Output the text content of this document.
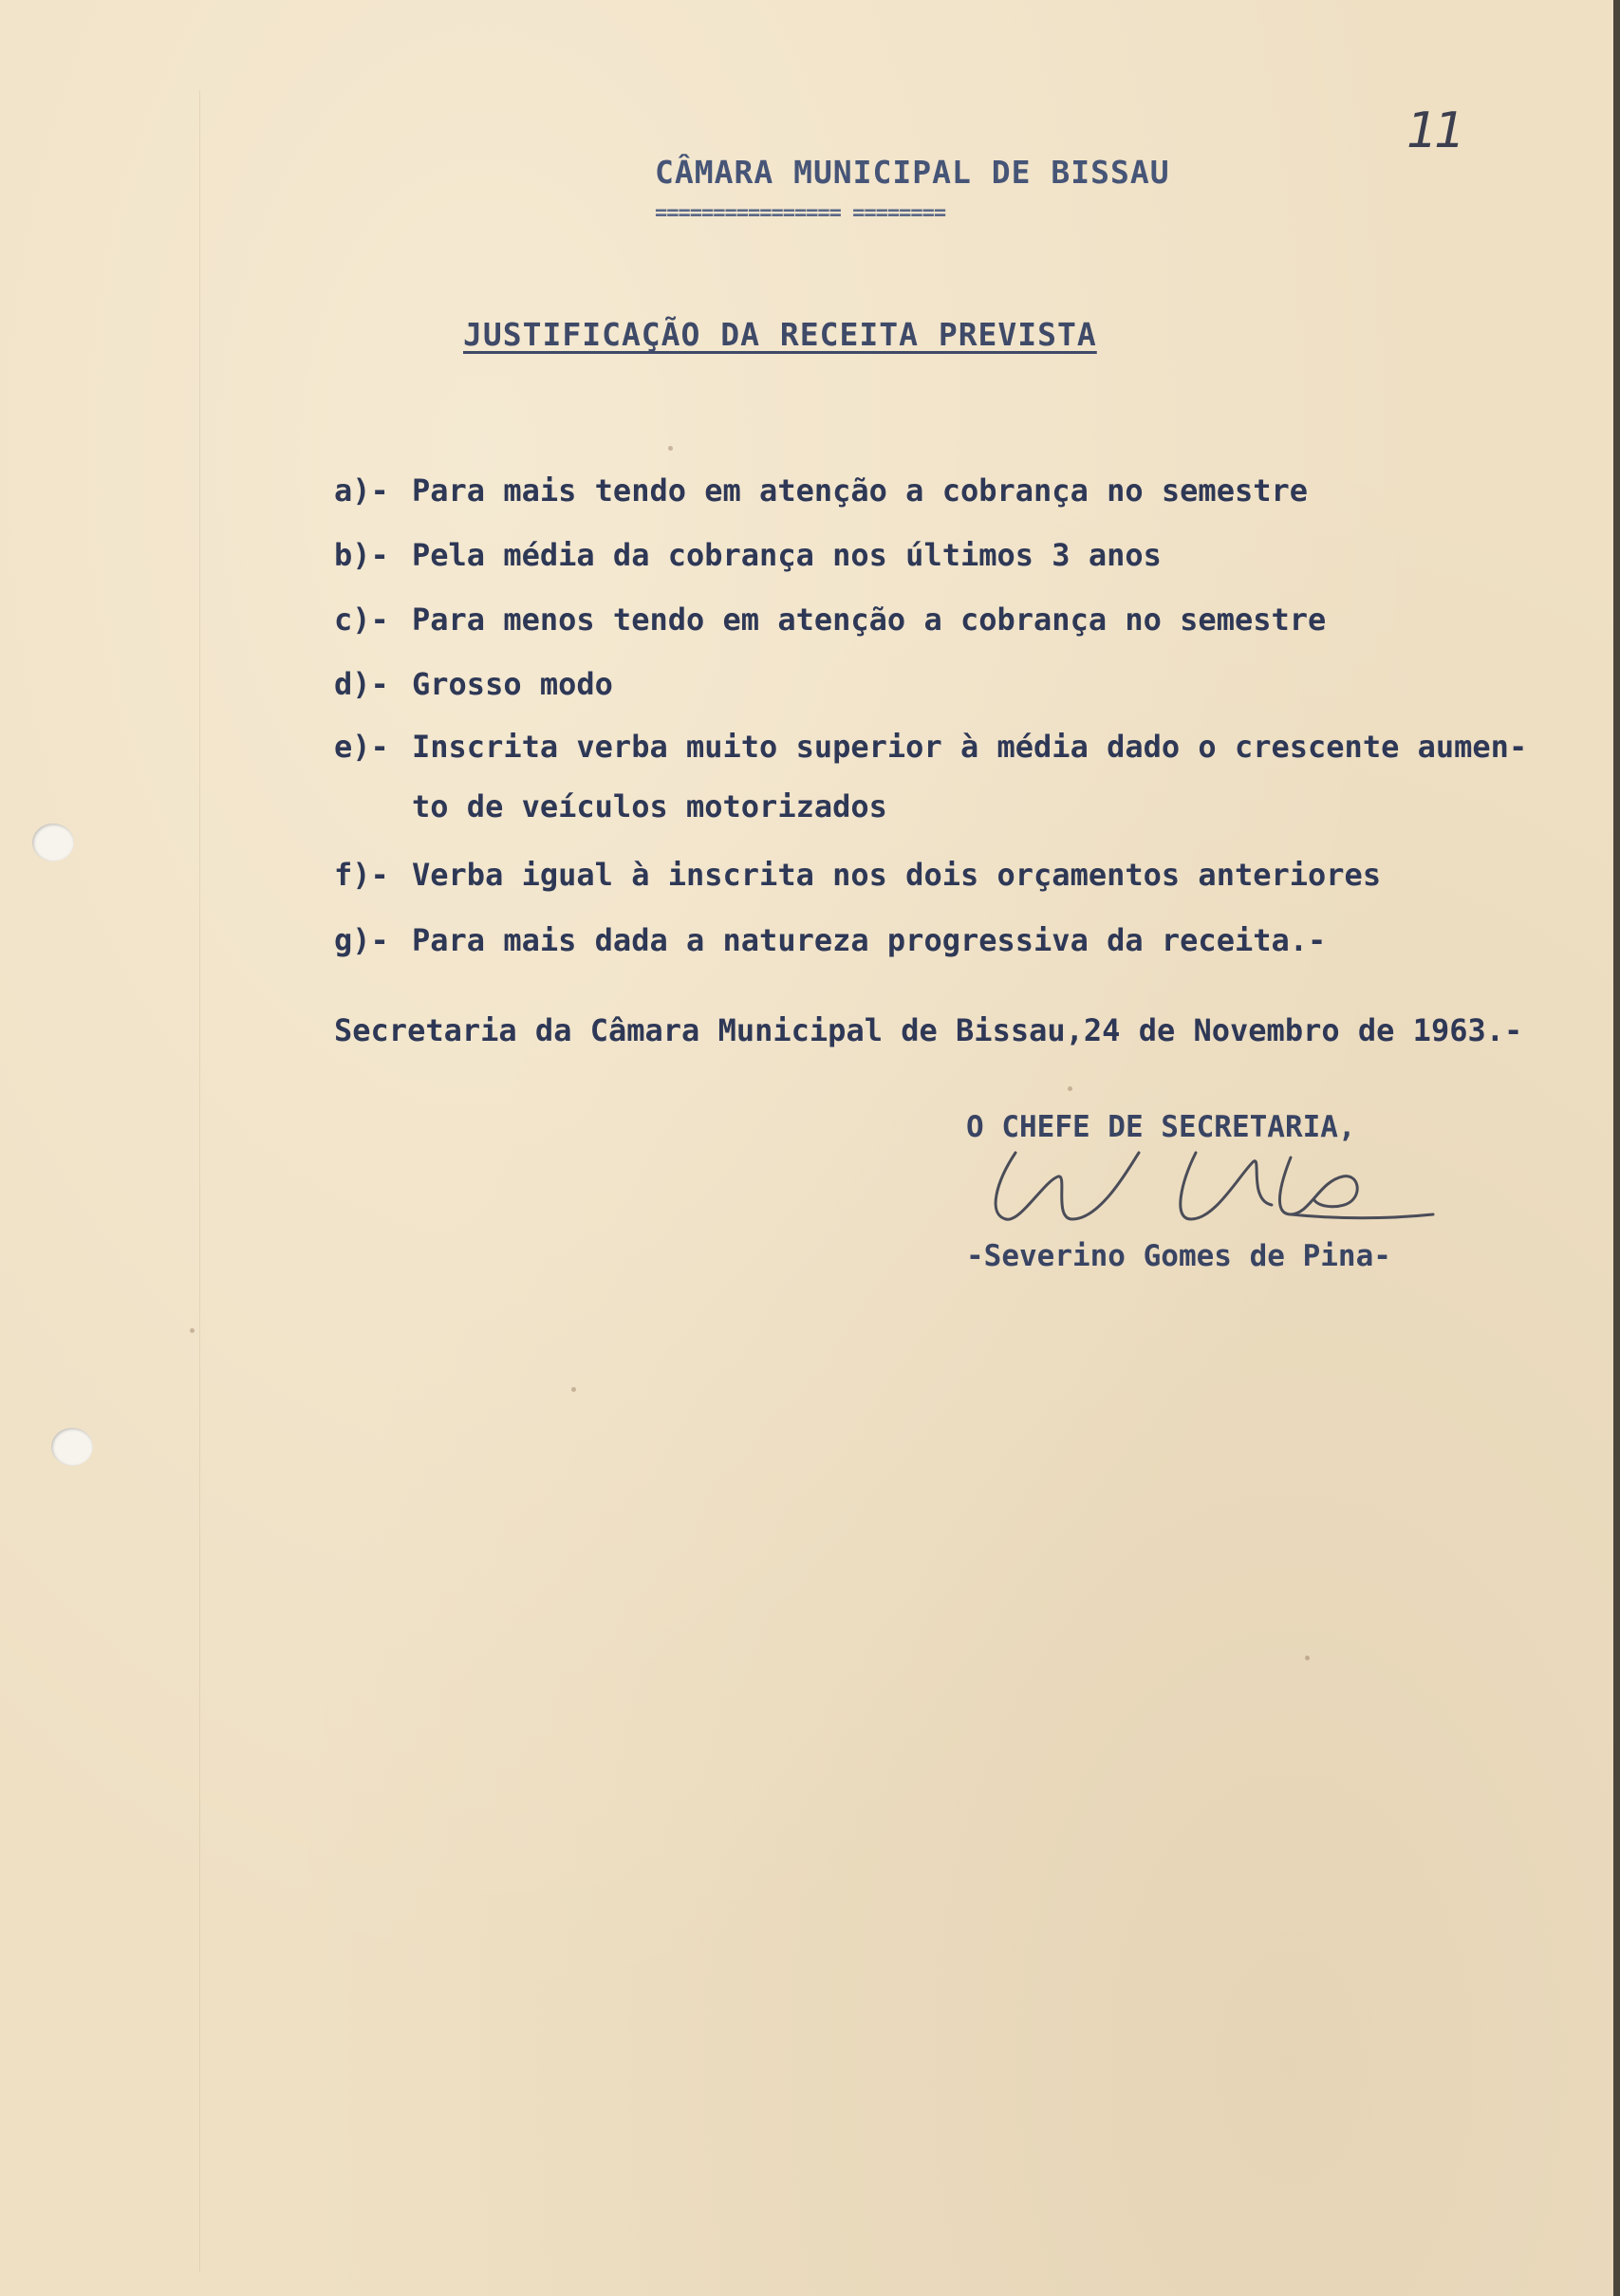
11
CÂMARA MUNICIPAL DE BISSAU
================ ========
JUSTIFICAÇÃO DA RECEITA PREVISTA
a)- Para mais tendo em atenção a cobrança no semestre
b)- Pela média da cobrança nos últimos 3 anos
c)- Para menos tendo em atenção a cobrança no semestre
d)- Grosso modo
e)- Inscrita verba muito superior à média dado o crescente aumen-
to de veículos motorizados
f)- Verba igual à inscrita nos dois orçamentos anteriores
g)- Para mais dada a natureza progressiva da receita.-
Secretaria da Câmara Municipal de Bissau,24 de Novembro de 1963.-
O CHEFE DE SECRETARIA,
-Severino Gomes de Pina-
